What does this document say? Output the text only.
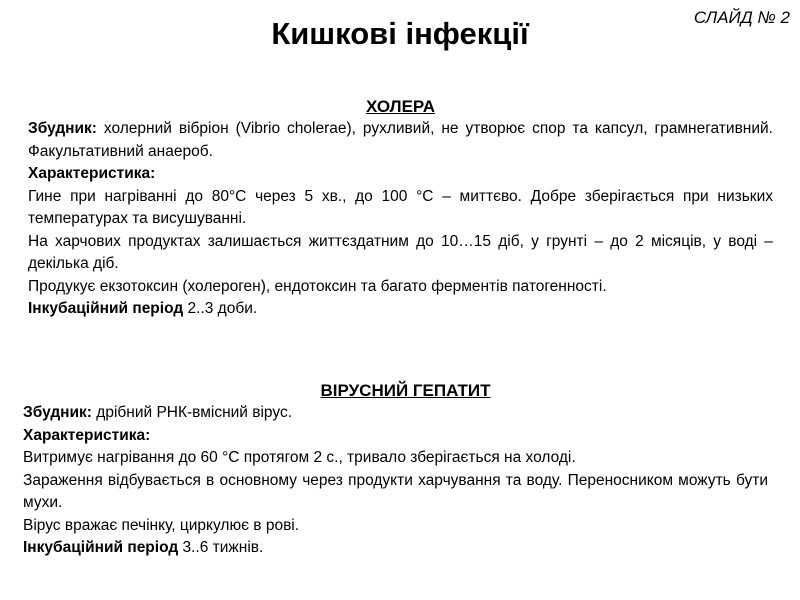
СЛАЙД № 2
Кишкові інфекції

ХОЛЕРА

Збудник: холерний вібріон (Vibrio cholerae), рухливий, не утворює спор та капсул, грамнегативний. Факультативний анаероб.

Характеристика:

Гине при нагріванні до 80°С через 5 хв., до 100 °С – миттєво. Добре зберігається при низьких температурах та висушуванні.

На харчових продуктах залишається життєздатним до 10…15 діб, у грунті – до 2 місяців, у воді – декілька діб.

Продукує екзотоксин (холероген), ендотоксин та багато ферментів патогенності.

Інкубаційний період 2..3 доби.

ВІРУСНИЙ ГЕПАТИТ

Збудник: дрібний РНК-вмісний вірус.

Характеристика:

Витримує нагрівання до 60 °С протягом 2 с., тривало зберігається на холоді.

Зараження відбувається в основному через продукти харчування та воду. Переносником можуть бути мухи.

Вірус вражає печінку, циркулює в рові.

Інкубаційний період 3..6 тижнів.
